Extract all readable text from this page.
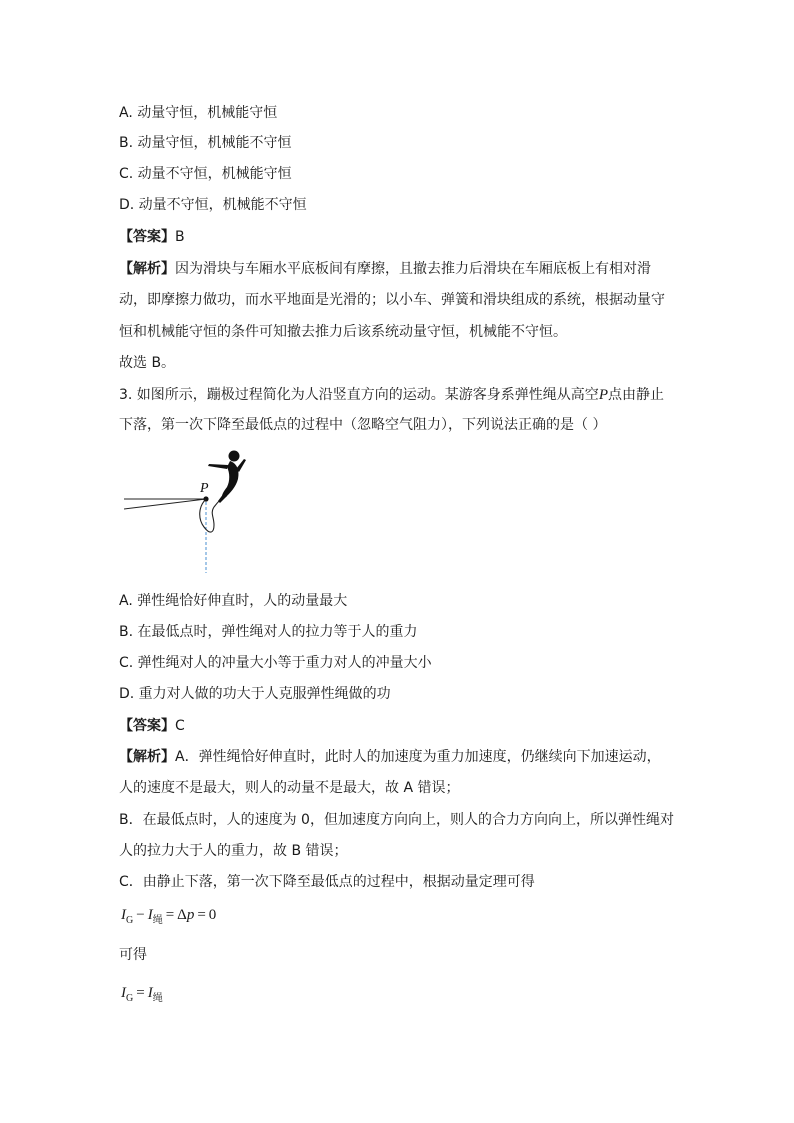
A. 动量守恒，机械能守恒
B. 动量守恒，机械能不守恒
C. 动量不守恒，机械能守恒
D. 动量不守恒，机械能不守恒
【答案】B
【解析】因为滑块与车厢水平底板间有摩擦，且撤去推力后滑块在车厢底板上有相对滑
动，即摩擦力做功，而水平地面是光滑的；以小车、弹簧和滑块组成的系统，根据动量守
恒和机械能守恒的条件可知撤去推力后该系统动量守恒，机械能不守恒。
故选 B。
3. 如图所示，蹦极过程简化为人沿竖直方向的运动。某游客身系弹性绳从高空P点由静止
下落，第一次下降至最低点的过程中（忽略空气阻力），下列说法正确的是（ ）
P
A. 弹性绳恰好伸直时，人的动量最大
B. 在最低点时，弹性绳对人的拉力等于人的重力
C. 弹性绳对人的冲量大小等于重力对人的冲量大小
D. 重力对人做的功大于人克服弹性绳做的功
【答案】C
【解析】A．弹性绳恰好伸直时，此时人的加速度为重力加速度，仍继续向下加速运动，
人的速度不是最大，则人的动量不是最大，故 A 错误；
B．在最低点时，人的速度为 0，但加速度方向向上，则人的合力方向向上，所以弹性绳对
人的拉力大于人的重力，故 B 错误；
C．由静止下落，第一次下降至最低点的过程中，根据动量定理可得
$I_G - I_绳 = \Delta p = 0$
可得
$I_G = I_绳$
